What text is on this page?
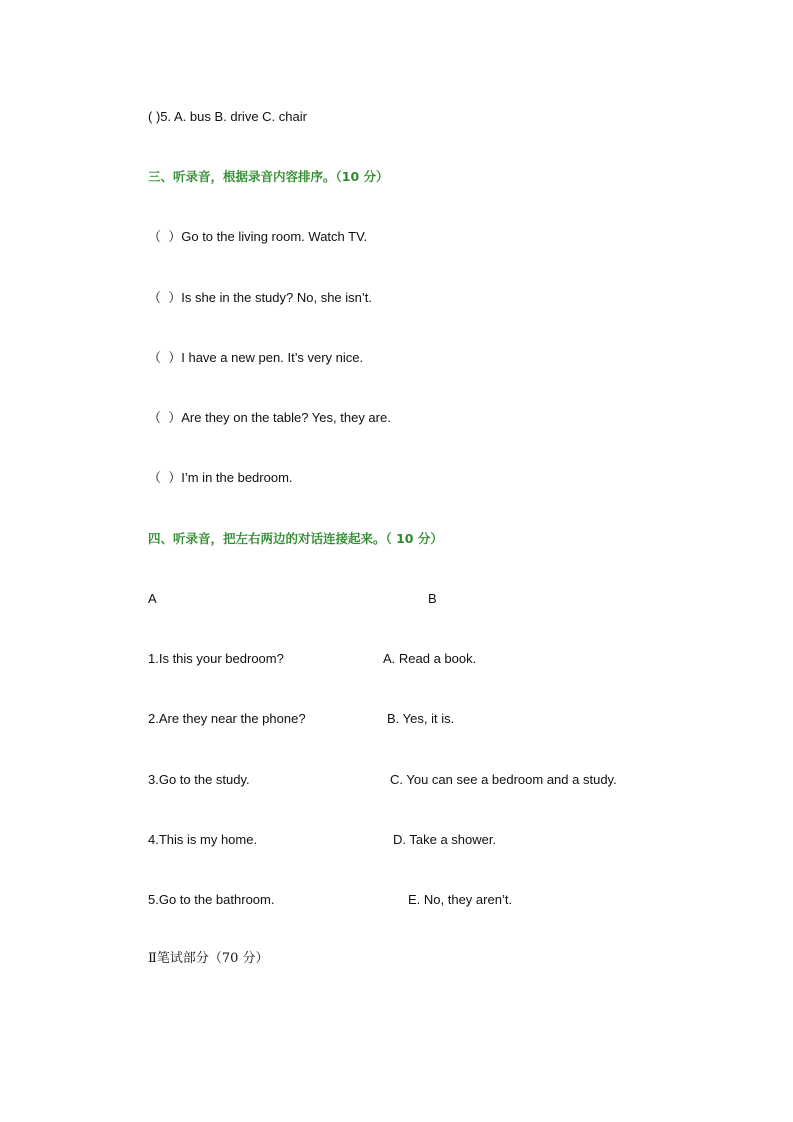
( )5. A. bus B. drive C. chair
三、听录音，根据录音内容排序。（10 分）
（  ）Go to the living room. Watch TV.
（  ）Is she in the study? No, she isn’t.
（  ）I have a new pen. It’s very nice.
（  ）Are they on the table? Yes, they are.
（  ）I’m in the bedroom.
四、听录音，把左右两边的对话连接起来。（ 10 分）
A	B
1.Is this your bedroom?	A. Read a book.
2.Are they near the phone?	B. Yes, it is.
3.Go to the study.	C. You can see a bedroom and a study.
4.This is my home.	D. Take a shower.
5.Go to the bathroom.	E. No, they aren’t.
Ⅱ笔试部分（70 分）
